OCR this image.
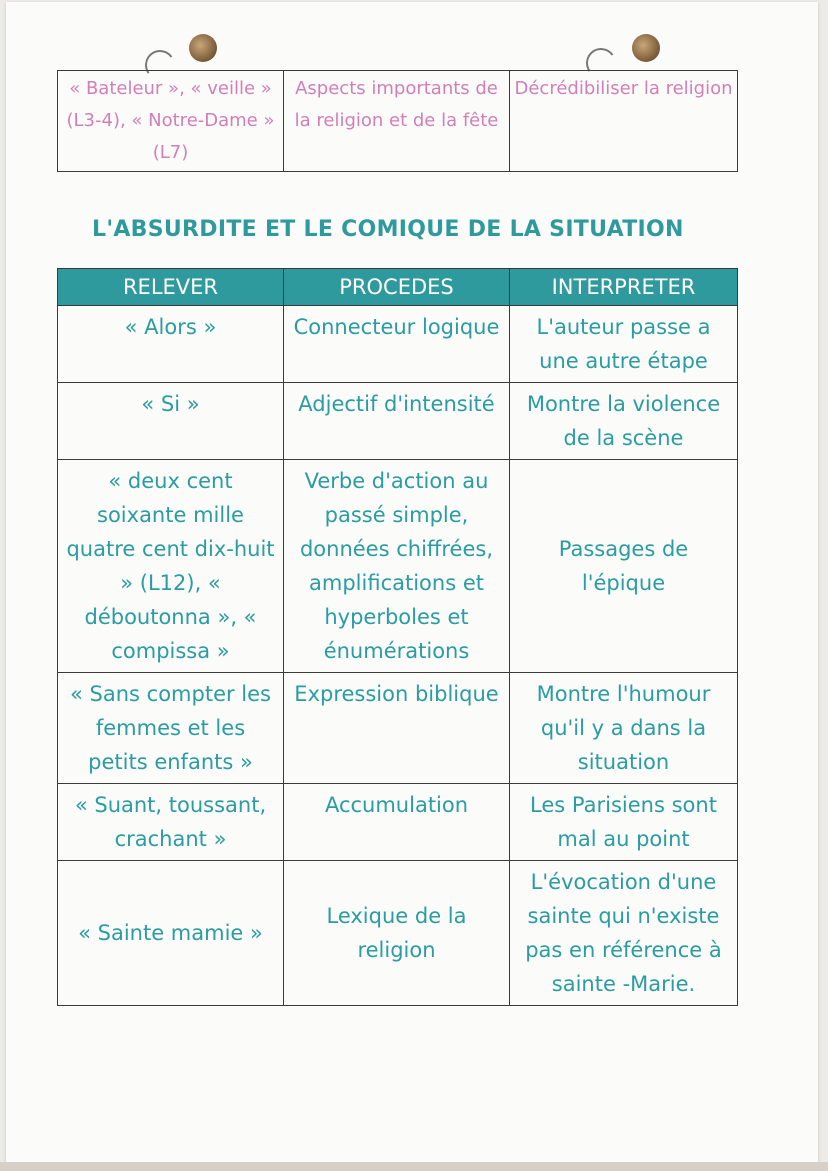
« Bateleur », « veille » (L3-4), « Notre-Dame » (L7)	Aspects importants de la religion et de la fête	Décrédibiliser la religion
L'ABSURDITE ET LE COMIQUE DE LA SITUATION
RELEVER	PROCEDES	INTERPRETER
« Alors »	Connecteur logique	L'auteur passe a une autre étape
« Si »	Adjectif d'intensité	Montre la violence de la scène
« deux cent soixante mille quatre cent dix-huit » (L12), « déboutonna », « compissa »	Verbe d'action au passé simple, données chiffrées, amplifications et hyperboles et énumérations	Passages de l'épique
« Sans compter les femmes et les petits enfants »	Expression biblique	Montre l'humour qu'il y a dans la situation
« Suant, toussant, crachant »	Accumulation	Les Parisiens sont mal au point
« Sainte mamie »	Lexique de la religion	L'évocation d'une sainte qui n'existe pas en référence à sainte -Marie.
